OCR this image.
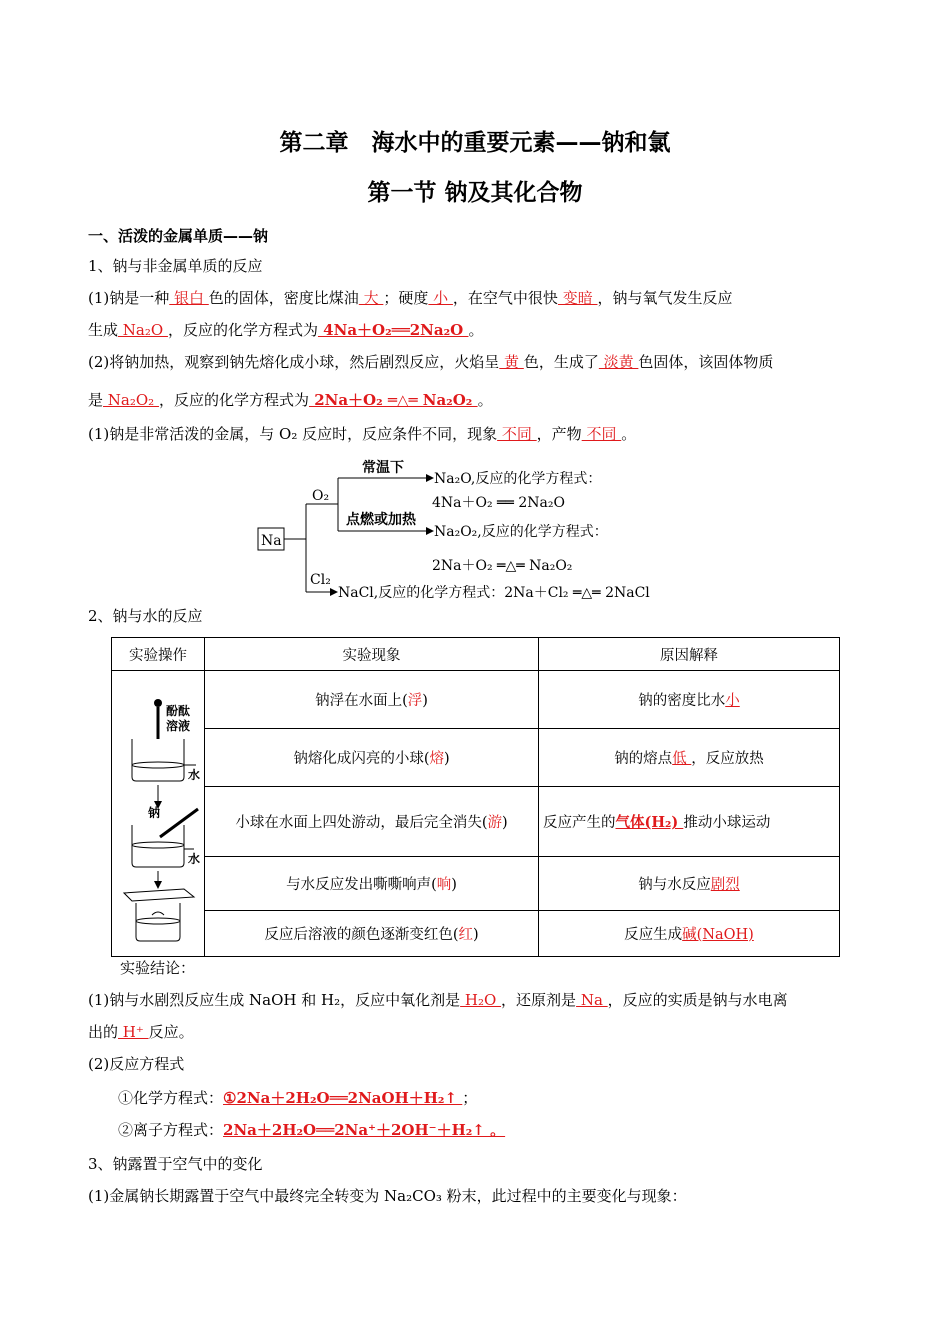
第二章　海水中的重要元素——钠和氯
第一节 钠及其化合物
一、活泼的金属单质——钠
1、钠与非金属单质的反应
(1)钠是一种 银白 色的固体，密度比煤油 大 ；硬度 小 ，在空气中很快 变暗 ，钠与氧气发生反应
生成 Na₂O ，反应的化学方程式为 4Na＋O₂══2Na₂O 。
(2)将钠加热，观察到钠先熔化成小球，然后剧烈反应，火焰呈 黄 色，生成了 淡黄 色固体，该固体物质
是 Na₂O₂ ，反应的化学方程式为 2Na＋O₂ ═△═ Na₂O₂ 。
(1)钠是非常活泼的金属，与 O₂ 反应时，反应条件不同，现象 不同 ，产物 不同 。
Na
O₂
常温下
Na₂O,反应的化学方程式：
4Na＋O₂ ══ 2Na₂O
点燃或加热
Na₂O₂,反应的化学方程式：
2Na＋O₂ ═△═ Na₂O₂
Cl₂
NaCl,反应的化学方程式：2Na＋Cl₂ ═△═ 2NaCl
2、钠与水的反应
实验操作	实验现象	原因解释

酚酞
溶液
水
钠
水	钠浮在水面上(浮)	钠的密度比水小
	钠熔化成闪亮的小球(熔)	钠的熔点低 ，反应放热
	小球在水面上四处游动，最后完全消失(游)	反应产生的气体(H₂) 推动小球运动
	与水反应发出嘶嘶响声(响)	钠与水反应剧烈
	反应后溶液的颜色逐渐变红色(红)	反应生成碱(NaOH)
实验结论：
(1)钠与水剧烈反应生成 NaOH 和 H₂，反应中氧化剂是 H₂O ，还原剂是 Na ，反应的实质是钠与水电离
出的 H⁺ 反应。
(2)反应方程式
①化学方程式：①2Na＋2H₂O══2NaOH＋H₂↑ ；
②离子方程式：2Na＋2H₂O══2Na⁺＋2OH⁻＋H₂↑ 。
3、钠露置于空气中的变化
(1)金属钠长期露置于空气中最终完全转变为 Na₂CO₃ 粉末，此过程中的主要变化与现象：
